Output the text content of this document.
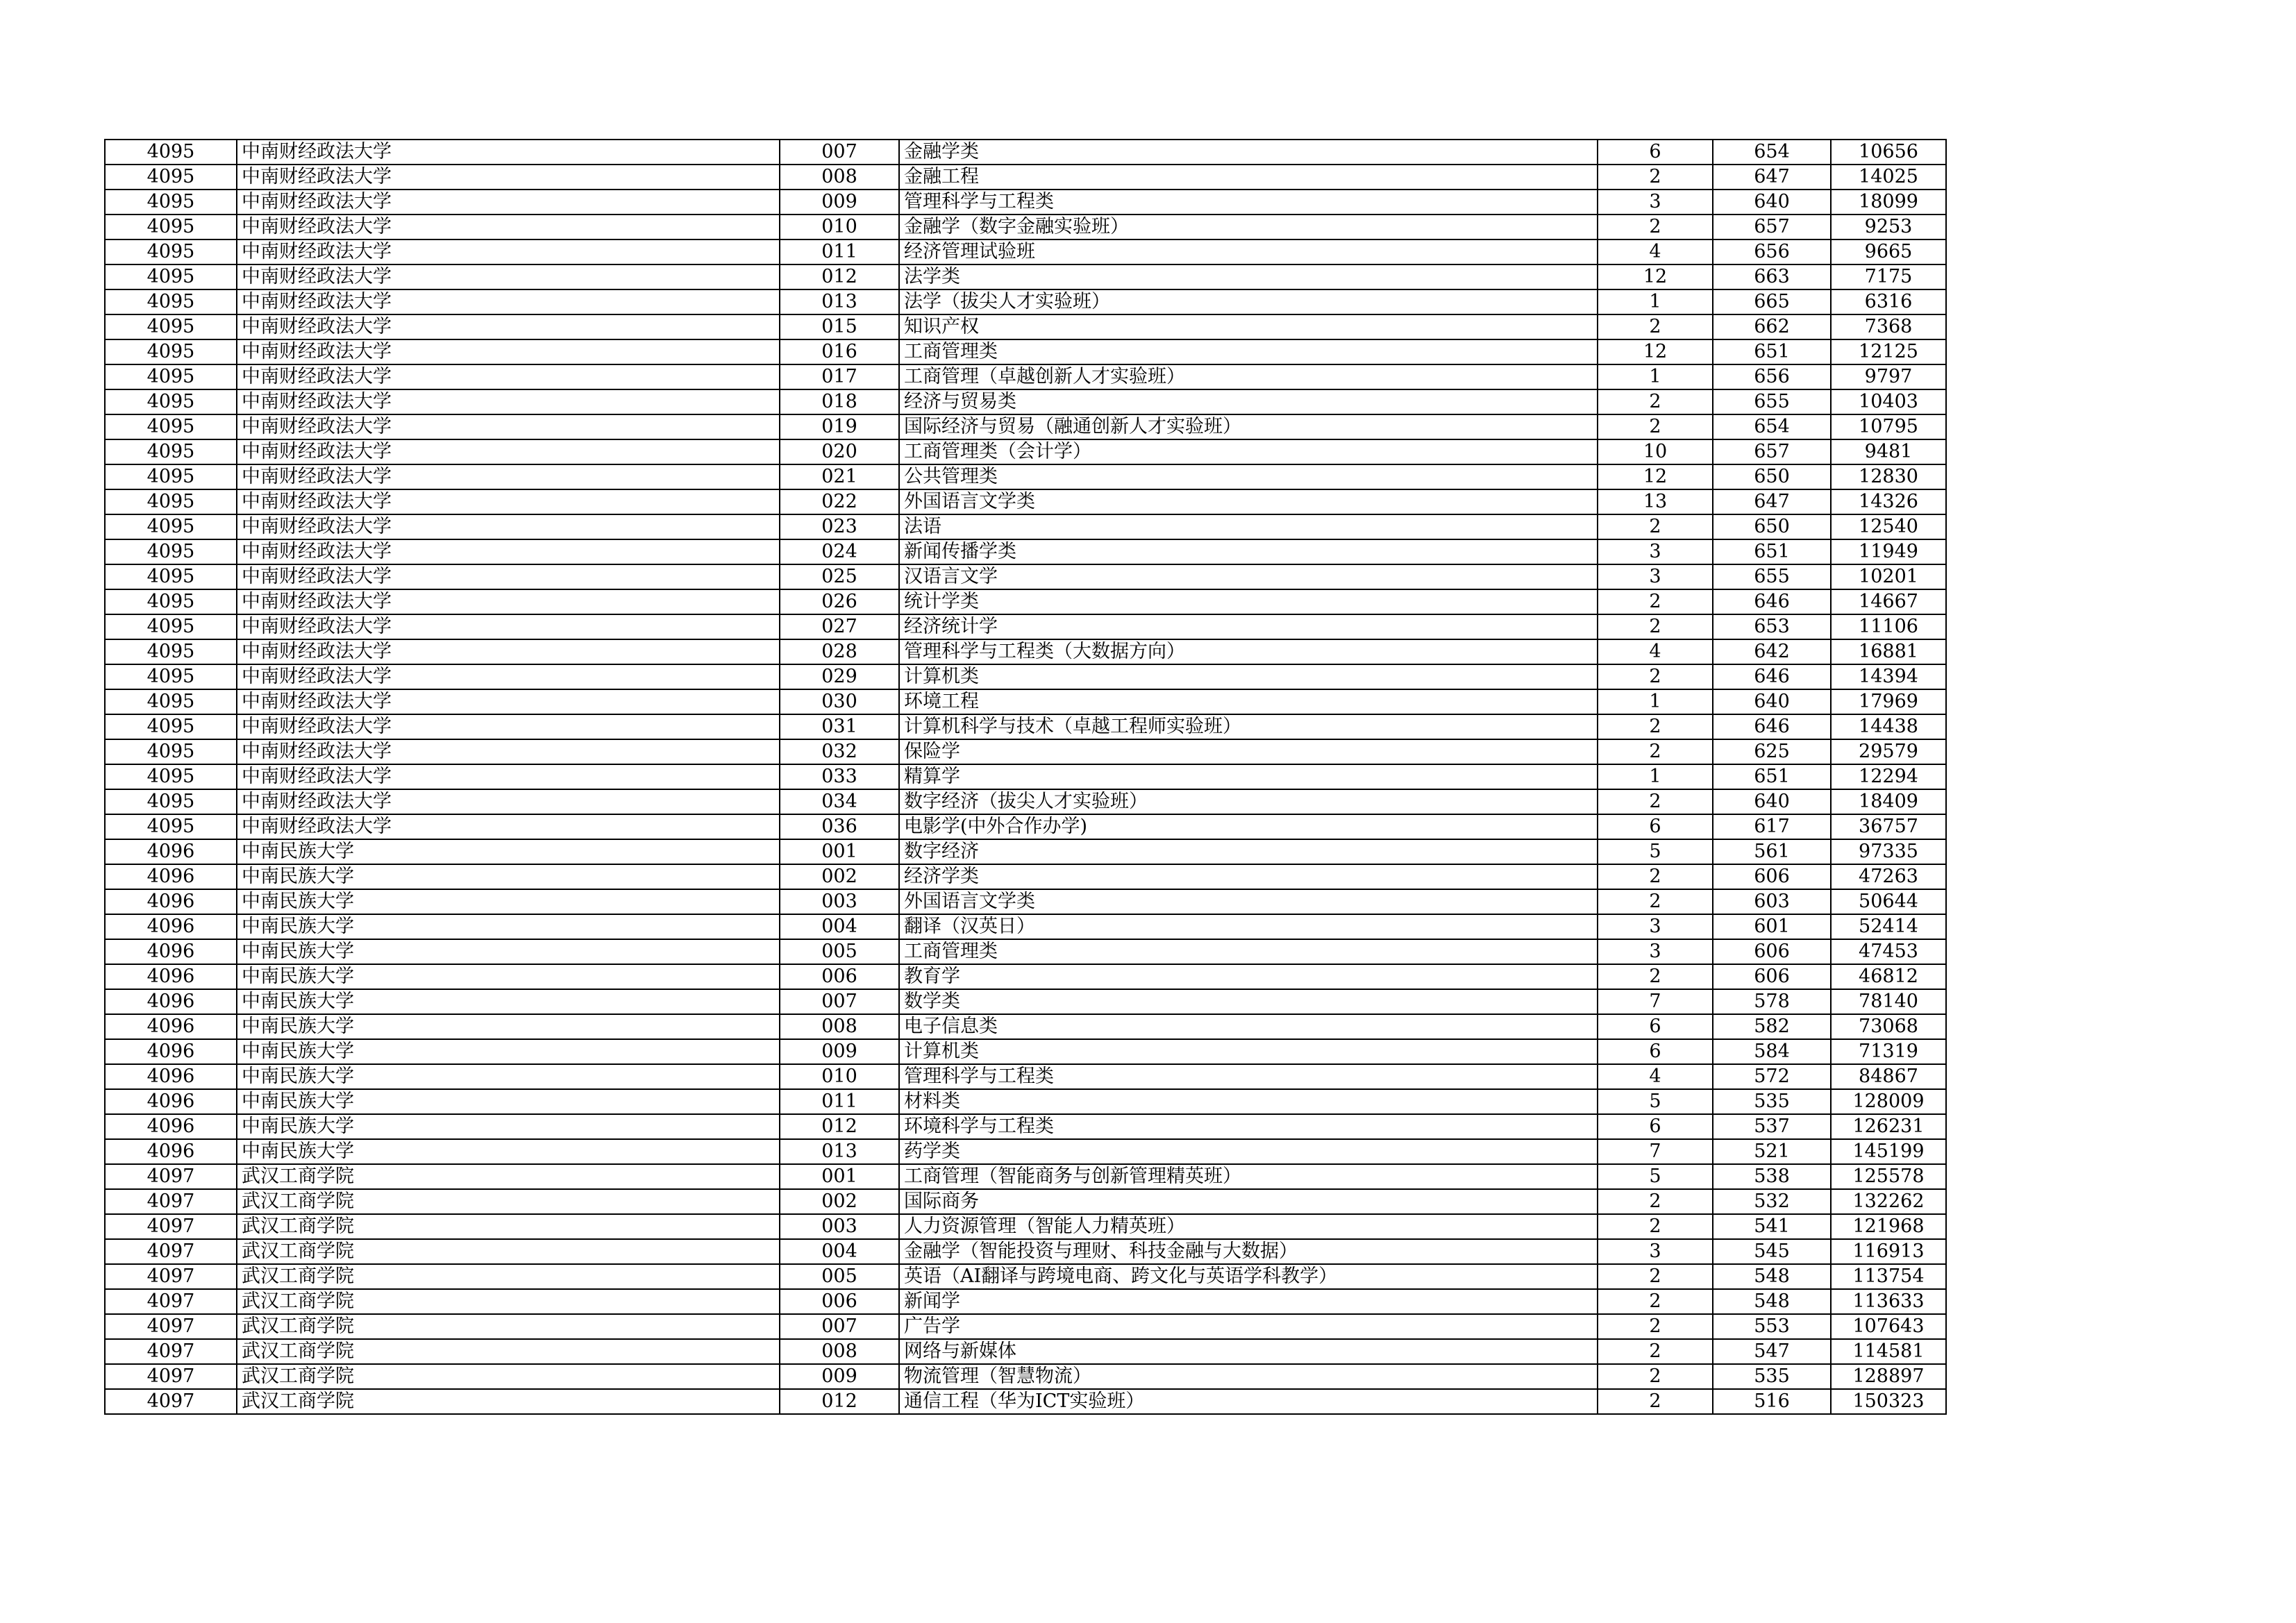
4095	中南财经政法大学	007	金融学类	6	654	10656
4095	中南财经政法大学	008	金融工程	2	647	14025
4095	中南财经政法大学	009	管理科学与工程类	3	640	18099
4095	中南财经政法大学	010	金融学（数字金融实验班）	2	657	9253
4095	中南财经政法大学	011	经济管理试验班	4	656	9665
4095	中南财经政法大学	012	法学类	12	663	7175
4095	中南财经政法大学	013	法学（拔尖人才实验班）	1	665	6316
4095	中南财经政法大学	015	知识产权	2	662	7368
4095	中南财经政法大学	016	工商管理类	12	651	12125
4095	中南财经政法大学	017	工商管理（卓越创新人才实验班）	1	656	9797
4095	中南财经政法大学	018	经济与贸易类	2	655	10403
4095	中南财经政法大学	019	国际经济与贸易（融通创新人才实验班）	2	654	10795
4095	中南财经政法大学	020	工商管理类（会计学）	10	657	9481
4095	中南财经政法大学	021	公共管理类	12	650	12830
4095	中南财经政法大学	022	外国语言文学类	13	647	14326
4095	中南财经政法大学	023	法语	2	650	12540
4095	中南财经政法大学	024	新闻传播学类	3	651	11949
4095	中南财经政法大学	025	汉语言文学	3	655	10201
4095	中南财经政法大学	026	统计学类	2	646	14667
4095	中南财经政法大学	027	经济统计学	2	653	11106
4095	中南财经政法大学	028	管理科学与工程类（大数据方向）	4	642	16881
4095	中南财经政法大学	029	计算机类	2	646	14394
4095	中南财经政法大学	030	环境工程	1	640	17969
4095	中南财经政法大学	031	计算机科学与技术（卓越工程师实验班）	2	646	14438
4095	中南财经政法大学	032	保险学	2	625	29579
4095	中南财经政法大学	033	精算学	1	651	12294
4095	中南财经政法大学	034	数字经济（拔尖人才实验班）	2	640	18409
4095	中南财经政法大学	036	电影学(中外合作办学)	6	617	36757
4096	中南民族大学	001	数字经济	5	561	97335
4096	中南民族大学	002	经济学类	2	606	47263
4096	中南民族大学	003	外国语言文学类	2	603	50644
4096	中南民族大学	004	翻译（汉英日）	3	601	52414
4096	中南民族大学	005	工商管理类	3	606	47453
4096	中南民族大学	006	教育学	2	606	46812
4096	中南民族大学	007	数学类	7	578	78140
4096	中南民族大学	008	电子信息类	6	582	73068
4096	中南民族大学	009	计算机类	6	584	71319
4096	中南民族大学	010	管理科学与工程类	4	572	84867
4096	中南民族大学	011	材料类	5	535	128009
4096	中南民族大学	012	环境科学与工程类	6	537	126231
4096	中南民族大学	013	药学类	7	521	145199
4097	武汉工商学院	001	工商管理（智能商务与创新管理精英班）	5	538	125578
4097	武汉工商学院	002	国际商务	2	532	132262
4097	武汉工商学院	003	人力资源管理（智能人力精英班）	2	541	121968
4097	武汉工商学院	004	金融学（智能投资与理财、科技金融与大数据）	3	545	116913
4097	武汉工商学院	005	英语（AI翻译与跨境电商、跨文化与英语学科教学）	2	548	113754
4097	武汉工商学院	006	新闻学	2	548	113633
4097	武汉工商学院	007	广告学	2	553	107643
4097	武汉工商学院	008	网络与新媒体	2	547	114581
4097	武汉工商学院	009	物流管理（智慧物流）	2	535	128897
4097	武汉工商学院	012	通信工程（华为ICT实验班）	2	516	150323
